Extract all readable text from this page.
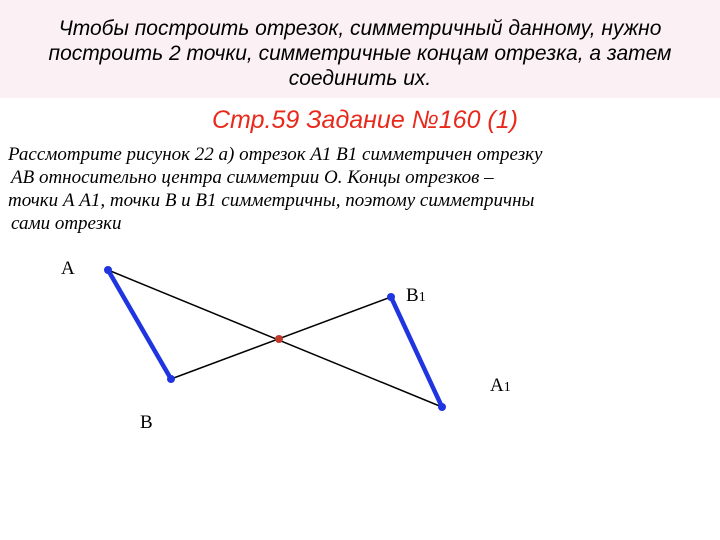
Чтобы построить отрезок, симметричный данному, нужно построить 2 точки, симметричные концам отрезка, а затем соединить их.

Стр.59 Задание №160 (1)
Рассмотрите рисунок 22 а) отрезок А1 В1 симметричен отрезку
АВ относительно центра симметрии О. Концы отрезков –
точки А А1, точки В и В1 симметричны, поэтому симметричны
сами отрезки
А
В
В1
А1
